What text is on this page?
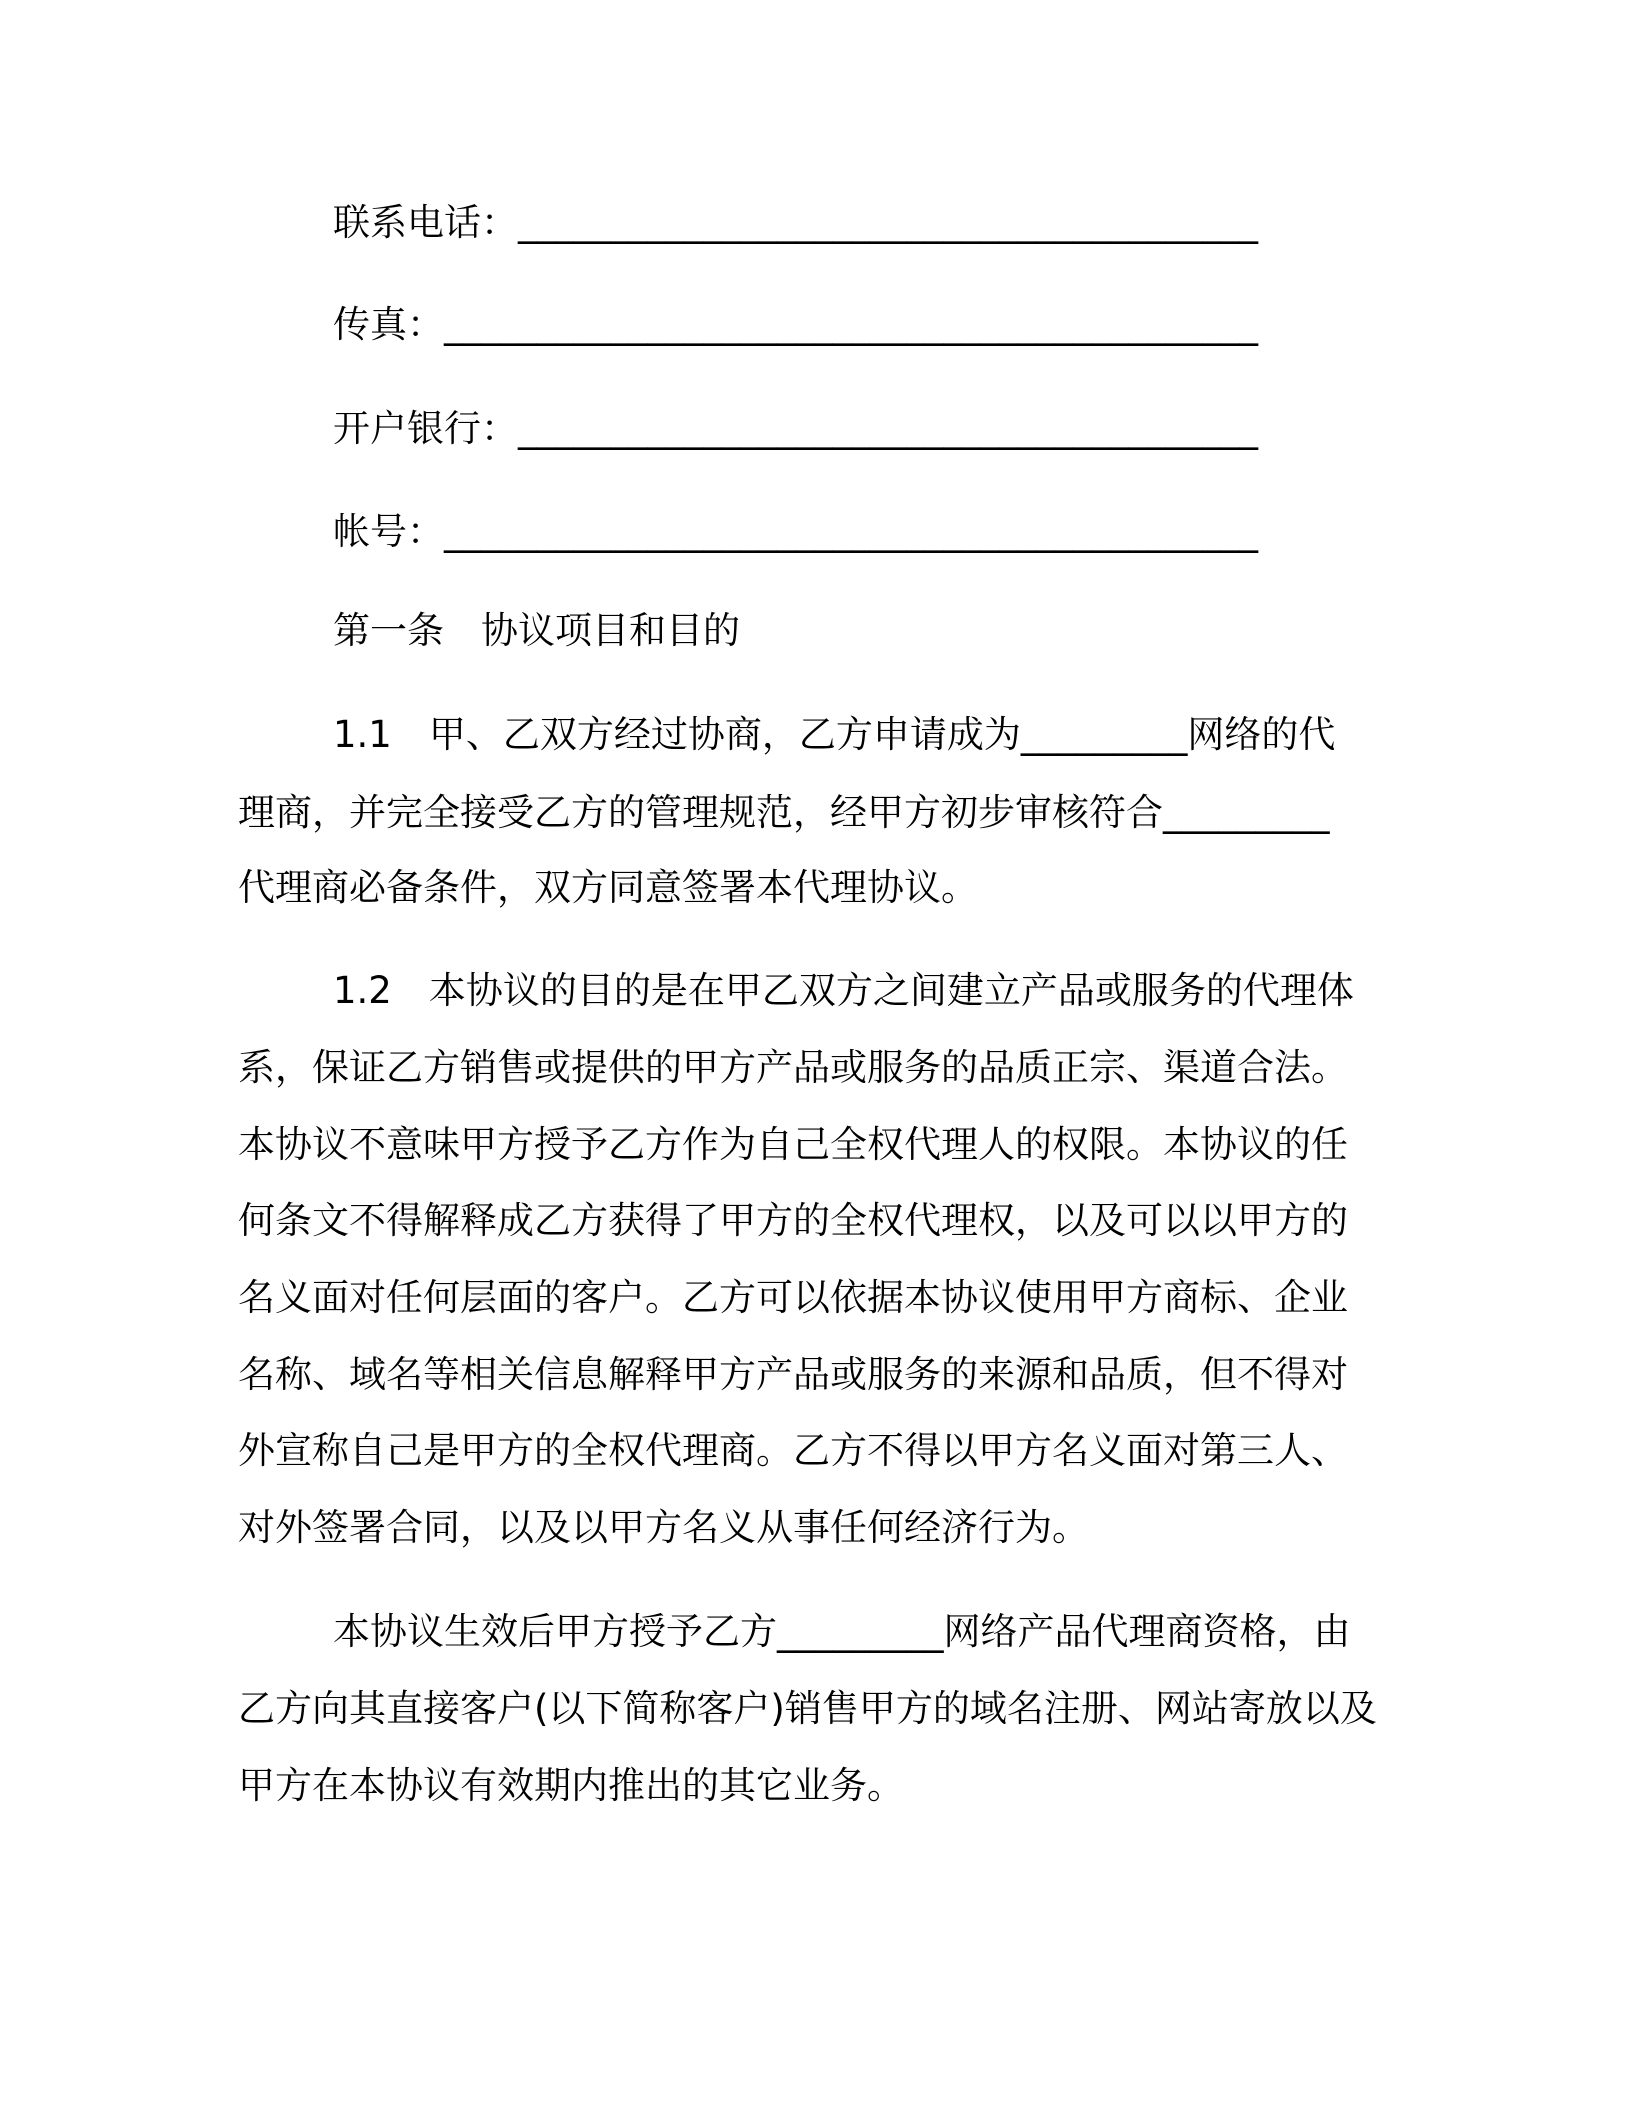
联系电话：________________________________________
传真：____________________________________________
开户银行：________________________________________
帐号：____________________________________________
第一条　协议项目和目的
1.1　甲、乙双方经过协商，乙方申请成为_________网络的代
理商，并完全接受乙方的管理规范，经甲方初步审核符合_________
代理商必备条件，双方同意签署本代理协议。
1.2　本协议的目的是在甲乙双方之间建立产品或服务的代理体
系，保证乙方销售或提供的甲方产品或服务的品质正宗、渠道合法。
本协议不意味甲方授予乙方作为自己全权代理人的权限。本协议的任
何条文不得解释成乙方获得了甲方的全权代理权，以及可以以甲方的
名义面对任何层面的客户。乙方可以依据本协议使用甲方商标、企业
名称、域名等相关信息解释甲方产品或服务的来源和品质，但不得对
外宣称自己是甲方的全权代理商。乙方不得以甲方名义面对第三人、
对外签署合同，以及以甲方名义从事任何经济行为。
本协议生效后甲方授予乙方_________网络产品代理商资格，由
乙方向其直接客户(以下简称客户)销售甲方的域名注册、网站寄放以及
甲方在本协议有效期内推出的其它业务。
